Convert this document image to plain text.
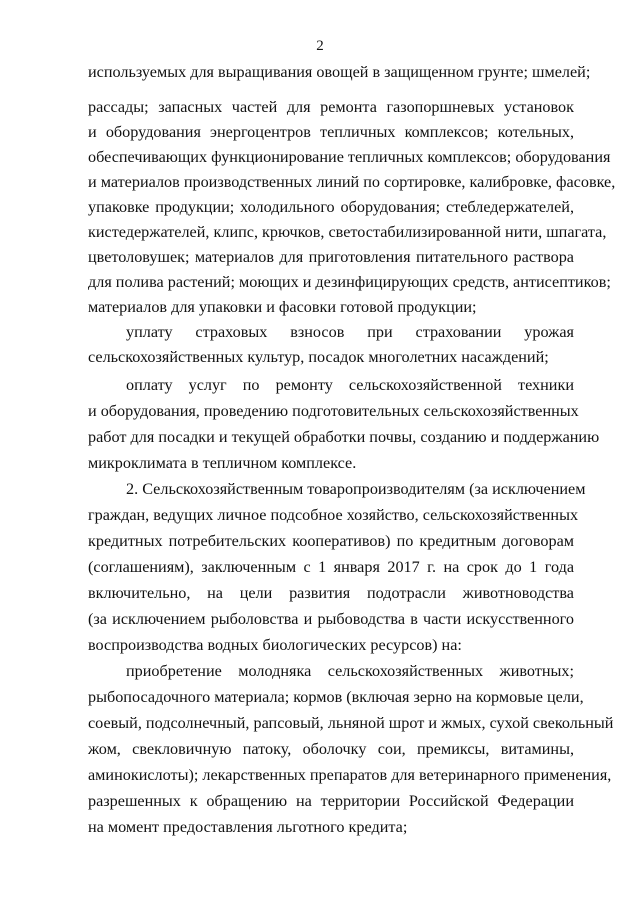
2
используемых для выращивания овощей в защищенном грунте; шмелей;
рассады; запасных частей для ремонта газопоршневых установок
и оборудования энергоцентров тепличных комплексов; котельных,
обеспечивающих функционирование тепличных комплексов; оборудования
и материалов производственных линий по сортировке, калибровке, фасовке,
упаковке продукции; холодильного оборудования; стебледержателей,
кистедержателей, клипс, крючков, светостабилизированной нити, шпагата,
цветоловушек; материалов для приготовления питательного раствора
для полива растений; моющих и дезинфицирующих средств, антисептиков;
материалов для упаковки и фасовки готовой продукции;
уплату страховых взносов при страховании урожая
сельскохозяйственных культур, посадок многолетних насаждений;
оплату услуг по ремонту сельскохозяйственной техники
и оборудования, проведению подготовительных сельскохозяйственных
работ для посадки и текущей обработки почвы, созданию и поддержанию
микроклимата в тепличном комплексе.
2. Сельскохозяйственным товаропроизводителям (за исключением
граждан, ведущих личное подсобное хозяйство, сельскохозяйственных
кредитных потребительских кооперативов) по кредитным договорам
(соглашениям), заключенным с 1 января 2017 г. на срок до 1 года
включительно, на цели развития подотрасли животноводства
(за исключением рыболовства и рыбоводства в части искусственного
воспроизводства водных биологических ресурсов) на:
приобретение молодняка сельскохозяйственных животных;
рыбопосадочного материала; кормов (включая зерно на кормовые цели,
соевый, подсолнечный, рапсовый, льняной шрот и жмых, сухой свекольный
жом, свекловичную патоку, оболочку сои, премиксы, витамины,
аминокислоты); лекарственных препаратов для ветеринарного применения,
разрешенных к обращению на территории Российской Федерации
на момент предоставления льготного кредита;
